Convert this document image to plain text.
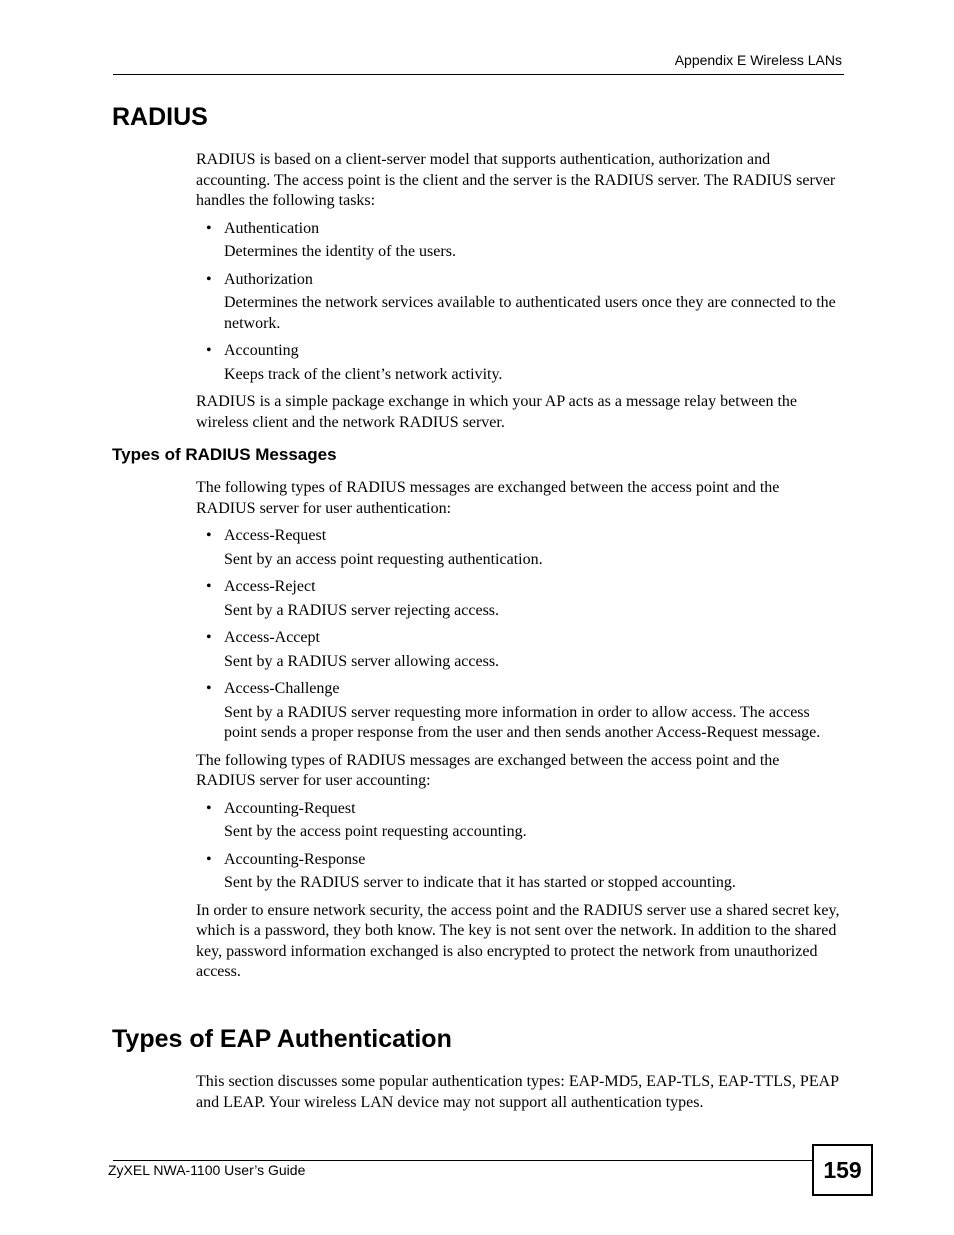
Appendix E Wireless LANs
RADIUS

RADIUS is based on a client-server model that supports authentication, authorization and accounting. The access point is the client and the server is the RADIUS server. The RADIUS server handles the following tasks:

• Authentication
Determines the identity of the users.
• Authorization
Determines the network services available to authenticated users once they are connected to the network.
• Accounting
Keeps track of the client’s network activity.

RADIUS is a simple package exchange in which your AP acts as a message relay between the wireless client and the network RADIUS server.

Types of RADIUS Messages

The following types of RADIUS messages are exchanged between the access point and the RADIUS server for user authentication:

• Access-Request
Sent by an access point requesting authentication.
• Access-Reject
Sent by a RADIUS server rejecting access.
• Access-Accept
Sent by a RADIUS server allowing access.
• Access-Challenge
Sent by a RADIUS server requesting more information in order to allow access. The access point sends a proper response from the user and then sends another Access-Request message.

The following types of RADIUS messages are exchanged between the access point and the RADIUS server for user accounting:

• Accounting-Request
Sent by the access point requesting accounting.
• Accounting-Response
Sent by the RADIUS server to indicate that it has started or stopped accounting.

In order to ensure network security, the access point and the RADIUS server use a shared secret key, which is a password, they both know. The key is not sent over the network. In addition to the shared key, password information exchanged is also encrypted to protect the network from unauthorized access.

Types of EAP Authentication

This section discusses some popular authentication types: EAP-MD5, EAP-TLS, EAP-TTLS, PEAP and LEAP. Your wireless LAN device may not support all authentication types.

ZyXEL NWA-1100 User’s Guide	159
